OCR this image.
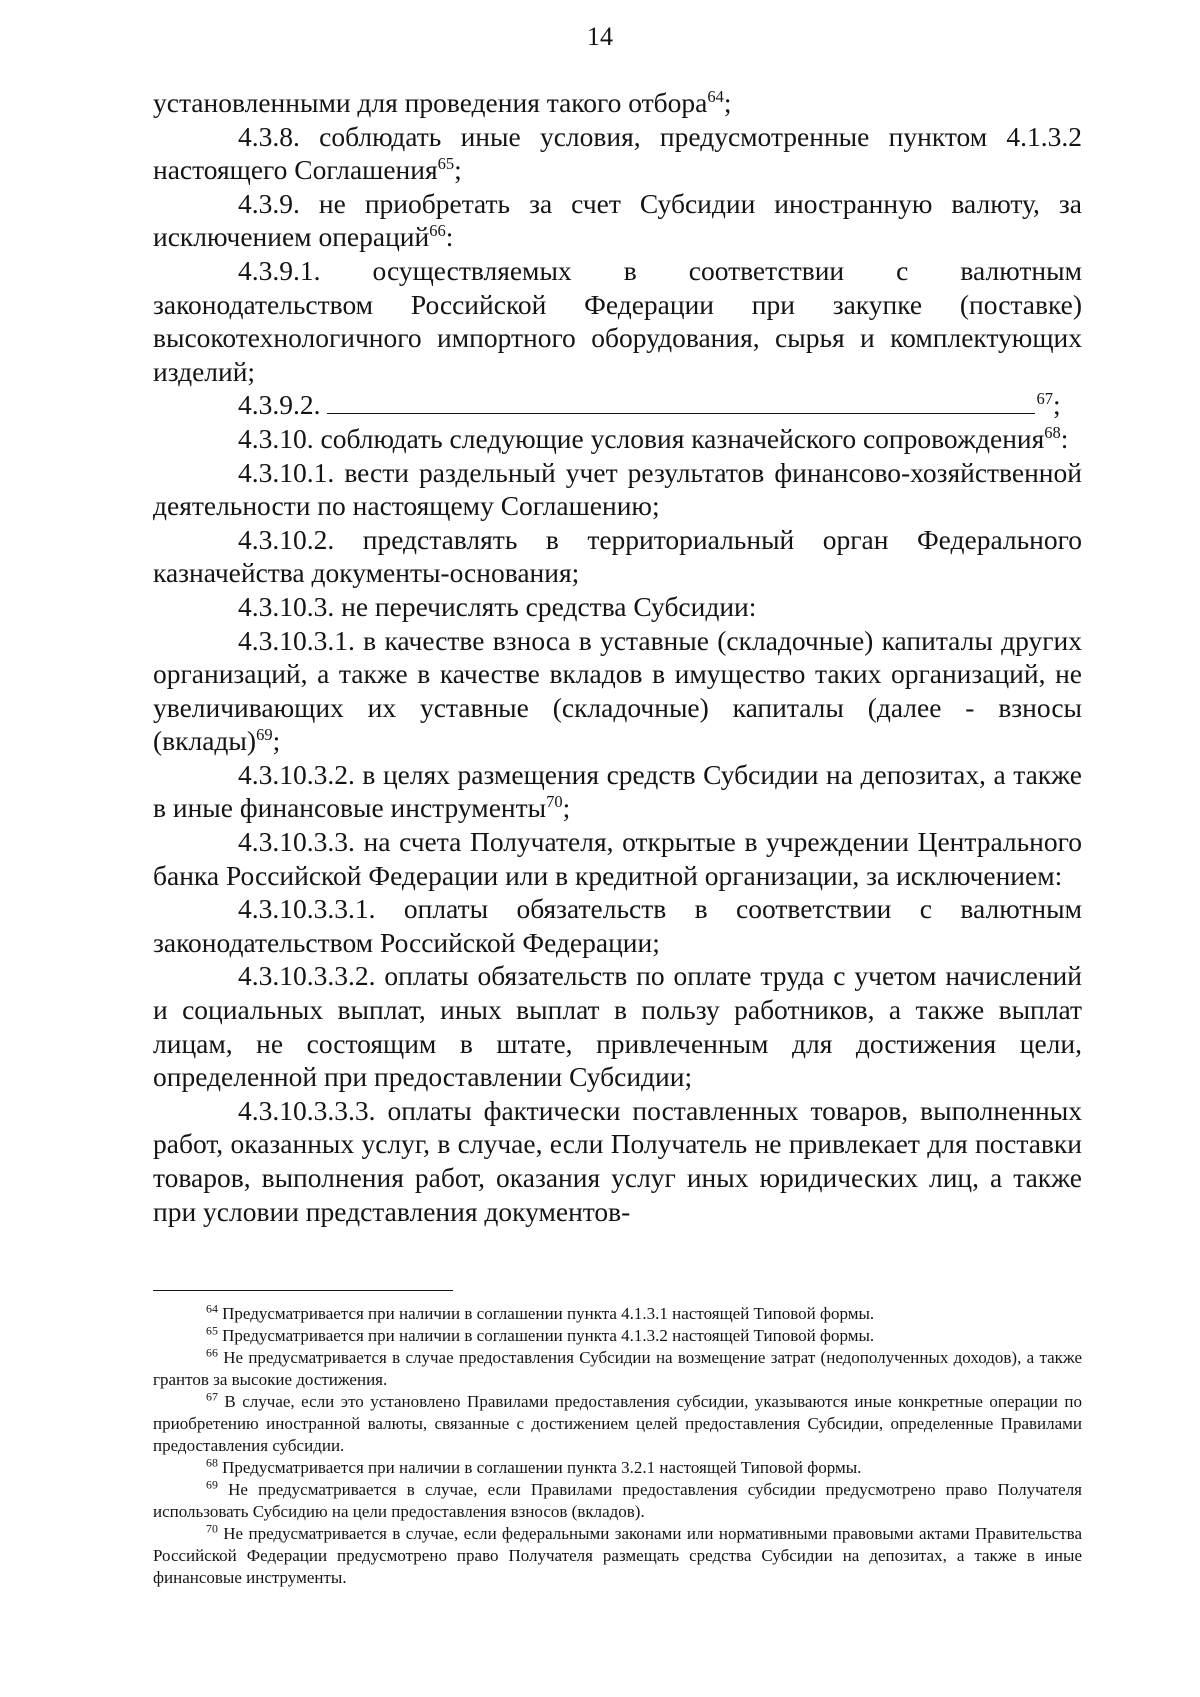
14

установленными для проведения такого отбора$^{64}$;

4.3.8. соблюдать иные условия, предусмотренные пунктом 4.1.3.2 настоящего Соглашения$^{65}$;

4.3.9. не приобретать за счет Субсидии иностранную валюту, за исключением операций$^{66}$:

4.3.9.1. осуществляемых в соответствии с валютным законодательством Российской Федерации при закупке (поставке) высокотехнологичного импортного оборудования, сырья и комплектующих изделий;

4.3.9.2.	$^{67}$;

4.3.10. соблюдать следующие условия казначейского сопровождения$^{68}$:

4.3.10.1. вести раздельный учет результатов финансово-хозяйственной деятельности по настоящему Соглашению;

4.3.10.2. представлять в территориальный орган Федерального казначейства документы-основания;

4.3.10.3. не перечислять средства Субсидии:

4.3.10.3.1. в качестве взноса в уставные (складочные) капиталы других организаций, а также в качестве вкладов в имущество таких организаций, не увеличивающих их уставные (складочные) капиталы (далее - взносы (вклады)$^{69}$;

4.3.10.3.2. в целях размещения средств Субсидии на депозитах, а также в иные финансовые инструменты$^{70}$;

4.3.10.3.3. на счета Получателя, открытые в учреждении Центрального банка Российской Федерации или в кредитной организации, за исключением:

4.3.10.3.3.1. оплаты обязательств в соответствии с валютным законодательством Российской Федерации;

4.3.10.3.3.2. оплаты обязательств по оплате труда с учетом начислений и социальных выплат, иных выплат в пользу работников, а также выплат лицам, не состоящим в штате, привлеченным для достижения цели, определенной при предоставлении Субсидии;

4.3.10.3.3.3. оплаты фактически поставленных товаров, выполненных работ, оказанных услуг, в случае, если Получатель не привлекает для поставки товаров, выполнения работ, оказания услуг иных юридических лиц, а также при условии представления документов-

$^{64}$ Предусматривается при наличии в соглашении пункта 4.1.3.1 настоящей Типовой формы.

$^{65}$ Предусматривается при наличии в соглашении пункта 4.1.3.2 настоящей Типовой формы.

$^{66}$ Не предусматривается в случае предоставления Субсидии на возмещение затрат (недополученных доходов), а также грантов за высокие достижения.

$^{67}$ В случае, если это установлено Правилами предоставления субсидии, указываются иные конкретные операции по приобретению иностранной валюты, связанные с достижением целей предоставления Субсидии, определенные Правилами предоставления субсидии.

$^{68}$ Предусматривается при наличии в соглашении пункта 3.2.1 настоящей Типовой формы.

$^{69}$ Не предусматривается в случае, если Правилами предоставления субсидии предусмотрено право Получателя использовать Субсидию на цели предоставления взносов (вкладов).

$^{70}$ Не предусматривается в случае, если федеральными законами или нормативными правовыми актами Правительства Российской Федерации предусмотрено право Получателя размещать средства Субсидии на депозитах, а также в иные финансовые инструменты.
